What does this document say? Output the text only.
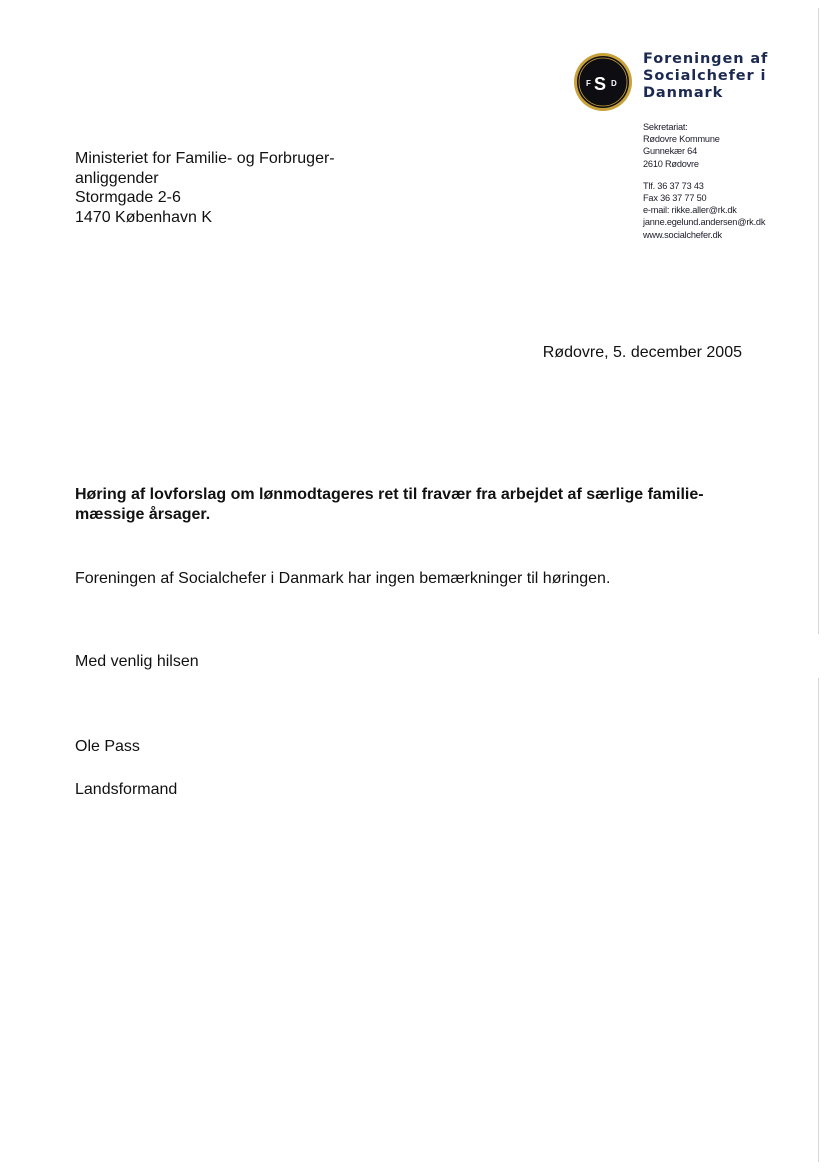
F S D
Foreningen af
Socialchefer i
Danmark
Sekretariat:
Rødovre Kommune
Gunnekær 64
2610 Rødovre
Tlf. 36 37 73 43
Fax 36 37 77 50
e-mail: rikke.aller@rk.dk
janne.egelund.andersen@rk.dk
www.socialchefer.dk
Ministeriet for Familie- og Forbruger-
anliggender
Stormgade 2-6
1470 København K
Rødovre, 5. december 2005
Høring af lovforslag om lønmodtageres ret til fravær fra arbejdet af særlige familie-
mæssige årsager.
Foreningen af Socialchefer i Danmark har ingen bemærkninger til høringen.
Med venlig hilsen
Ole Pass
Landsformand
